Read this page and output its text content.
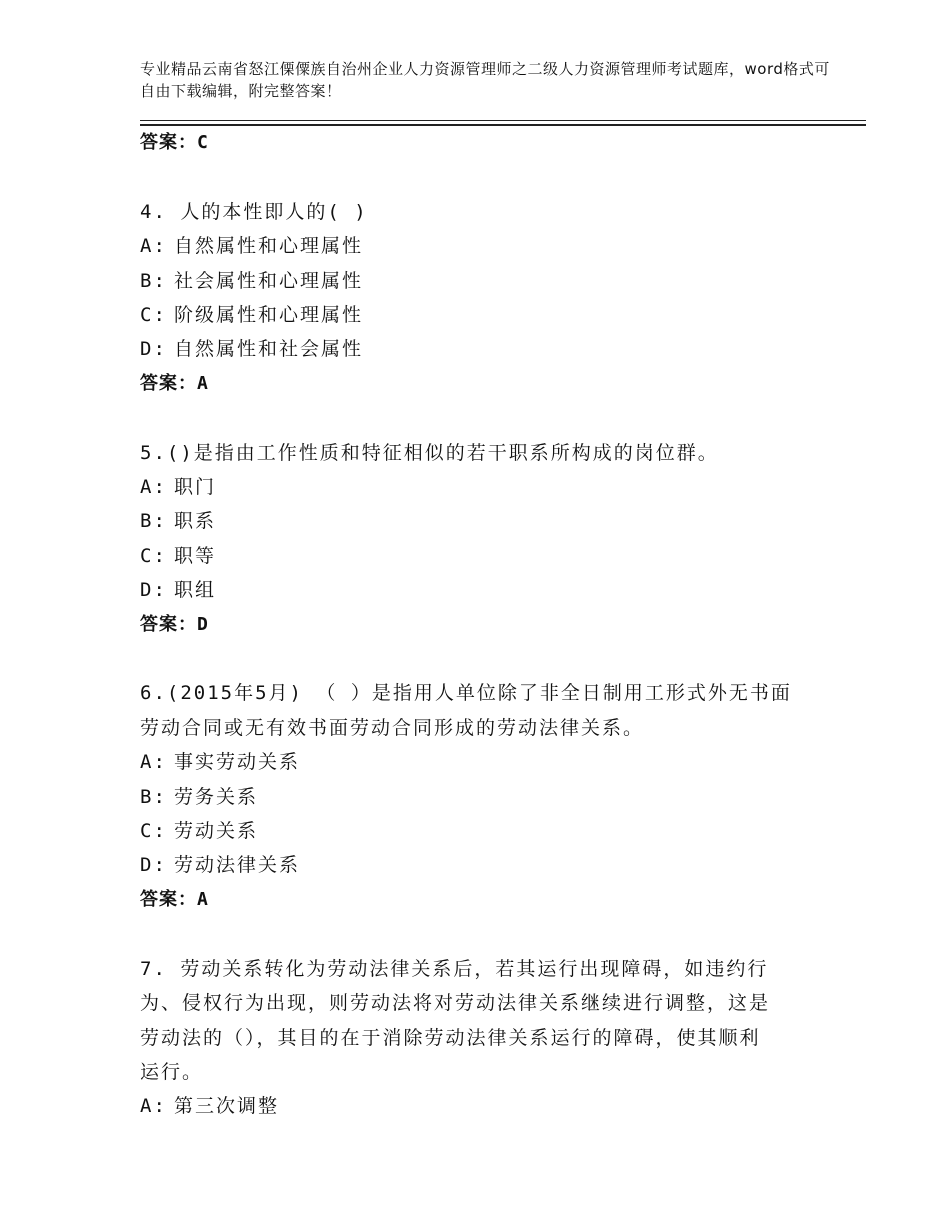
专业精品云南省怒江傈僳族自治州企业人力资源管理师之二级人力资源管理师考试题库，word格式可自由下载编辑，附完整答案！
答案：C
4. 人的本性即人的( )
A: 自然属性和心理属性
B: 社会属性和心理属性
C: 阶级属性和心理属性
D: 自然属性和社会属性
答案：A
5.()是指由工作性质和特征相似的若干职系所构成的岗位群。
A: 职门
B: 职系
C: 职等
D: 职组
答案：D
6.(2015年5月) （ ）是指用人单位除了非全日制用工形式外无书面
劳动合同或无有效书面劳动合同形成的劳动法律关系。
A: 事实劳动关系
B: 劳务关系
C: 劳动关系
D: 劳动法律关系
答案：A
7. 劳动关系转化为劳动法律关系后，若其运行出现障碍，如违约行
为、侵权行为出现，则劳动法将对劳动法律关系继续进行调整，这是
劳动法的（），其目的在于消除劳动法律关系运行的障碍，使其顺利
运行。
A: 第三次调整
